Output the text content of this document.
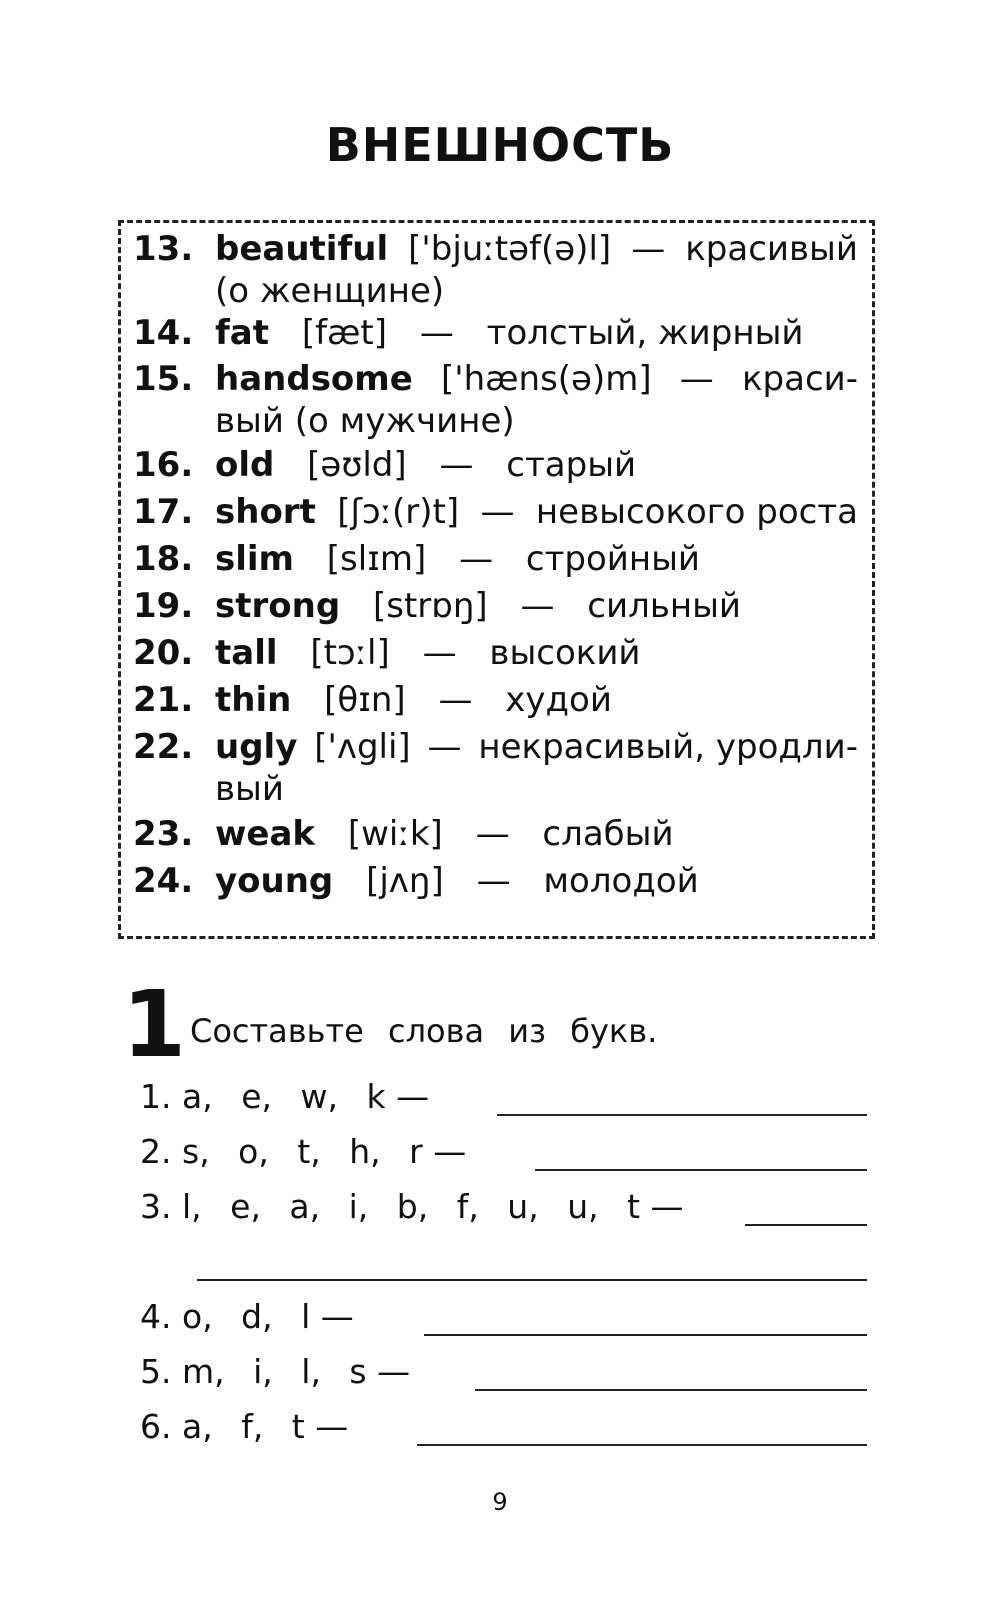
ВНЕШНОСТЬ
13. beautiful ['bjuːtəf(ə)l] — красивый
(о женщине)
14. fat [fæt] — толстый, жирный
15. handsome ['hæns(ə)m] — краси-
вый (о мужчине)
16. old [əʊld] — старый
17. short [ʃɔː(r)t] — невысокого роста
18. slim [slɪm] — стройный
19. strong [strɒŋ] — сильный
20. tall [tɔːl] — высокий
21. thin [θɪn] — худой
22. ugly ['ʌgli] — некрасивый, уродли-
вый
23. weak [wiːk] — слабый
24. young [jʌŋ] — молодой
1 Составьте слова из букв.
1. a, e, w, k —
2. s, o, t, h, r —
3. l, e, a, i, b, f, u, u, t —
4. o, d, l —
5. m, i, l, s —
6. a, f, t —
9
